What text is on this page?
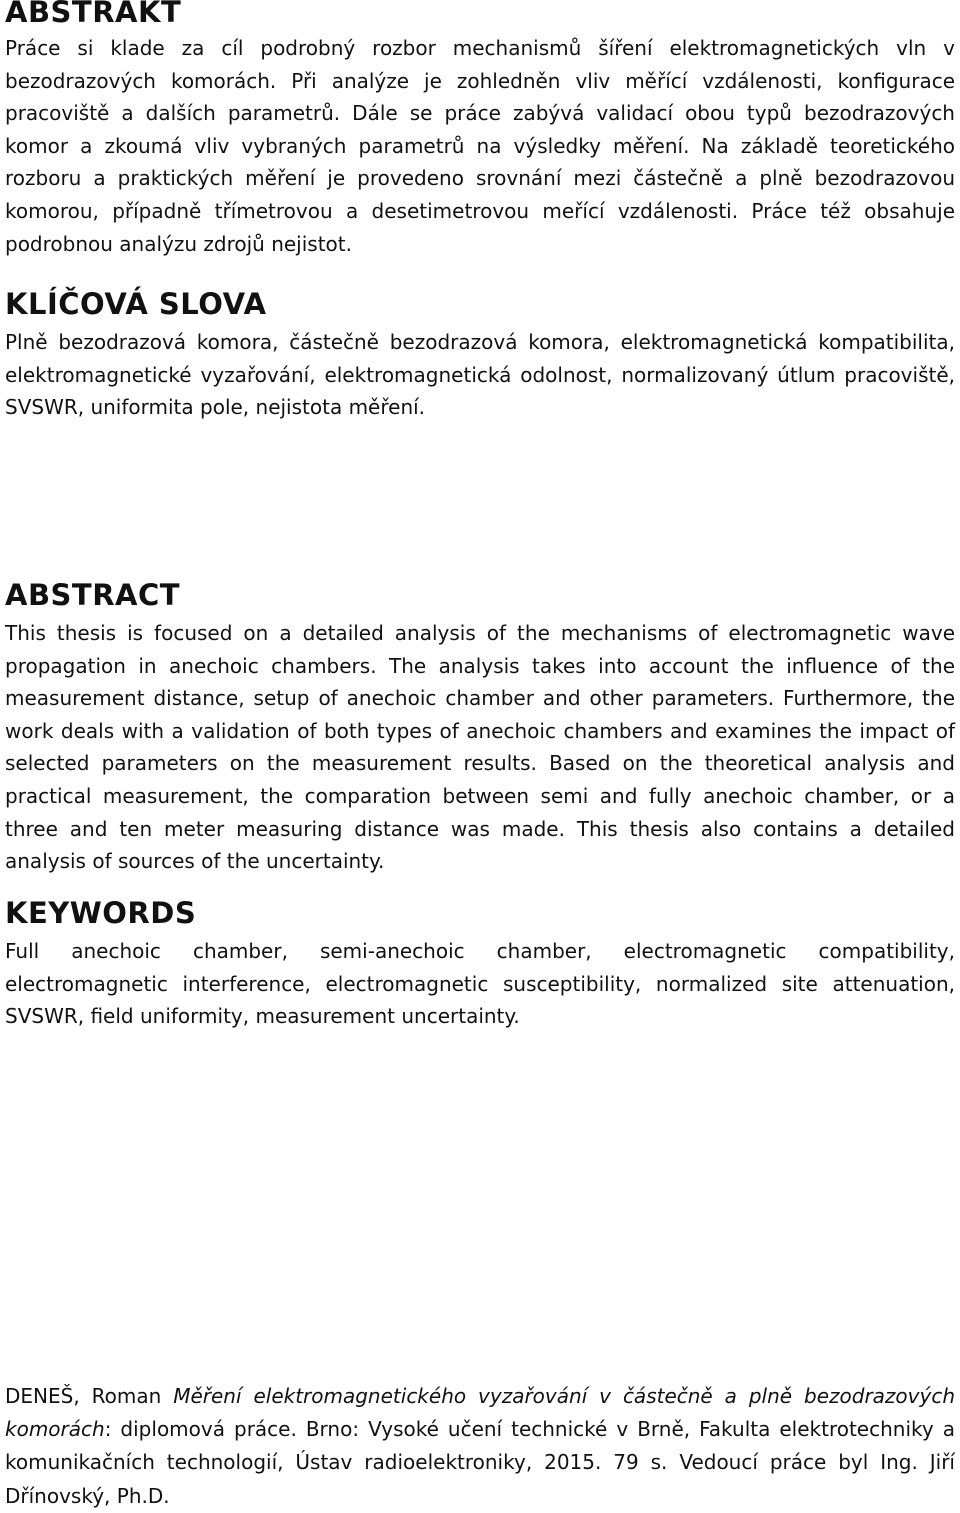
ABSTRAKT

Práce si klade za cíl podrobný rozbor mechanismů šíření elektromagnetických vln v bezodrazových komorách. Při analýze je zohledněn vliv měřící vzdálenosti, konfigurace pracoviště a dalších parametrů. Dále se práce zabývá validací obou typů bezodrazových komor a zkoumá vliv vybraných parametrů na výsledky měření. Na základě teoretického rozboru a praktických měření je provedeno srovnání mezi částečně a plně bezodrazovou komorou, případně třímetrovou a desetimetrovou meřící vzdálenosti. Práce též obsahuje podrobnou analýzu zdrojů nejistot.

KLÍČOVÁ SLOVA

Plně bezodrazová komora, částečně bezodrazová komora, elektromagnetická kompatibilita, elektromagnetické vyzařování, elektromagnetická odolnost, normalizovaný útlum pracoviště, SVSWR, uniformita pole, nejistota měření.

ABSTRACT

This thesis is focused on a detailed analysis of the mechanisms of electromagnetic wave propagation in anechoic chambers. The analysis takes into account the influence of the measurement distance, setup of anechoic chamber and other parameters. Furthermore, the work deals with a validation of both types of anechoic chambers and examines the impact of selected parameters on the measurement results. Based on the theoretical analysis and practical measurement, the comparation between semi and fully anechoic chamber, or a three and ten meter measuring distance was made. This thesis also contains a detailed analysis of sources of the uncertainty.

KEYWORDS

Full anechoic chamber, semi-anechoic chamber, electromagnetic compatibility, electromagnetic interference, electromagnetic susceptibility, normalized site attenuation, SVSWR, field uniformity, measurement uncertainty.

DENEŠ, Roman Měření elektromagnetického vyzařování v částečně a plně bezodrazových komorách: diplomová práce. Brno: Vysoké učení technické v Brně, Fakulta elektrotechniky a komunikačních technologií, Ústav radioelektroniky, 2015. 79 s. Vedoucí práce byl Ing. Jiří Dřínovský, Ph.D.
